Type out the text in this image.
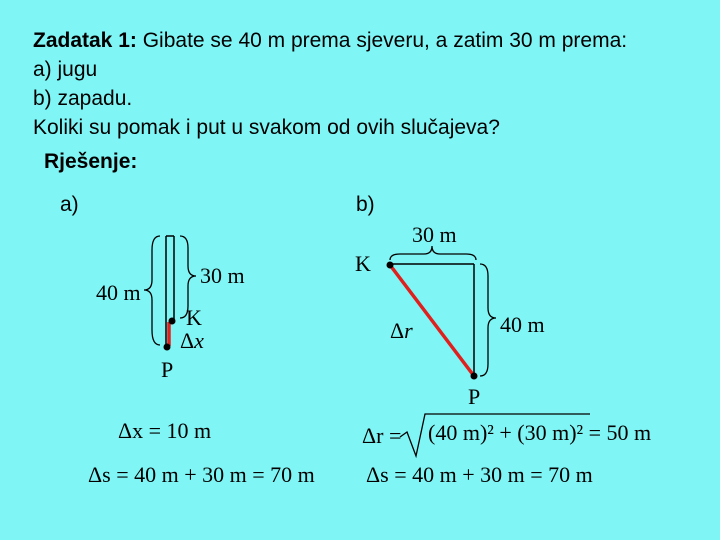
Zadatak 1: Gibate se 40 m prema sjeveru, a zatim 30 m prema:
a) jugu
b) zapadu.
Koliki su pomak i put u svakom od ovih slučajeva?
Rješenje:
a)	b)
40 m
30 m
K
Δx
P
30 m
K
40 m
Δr
P
Δx = 10 m
Δs = 40 m + 30 m = 70 m
Δr = (40 m)² + (30 m)² = 50 m
Δs = 40 m + 30 m = 70 m
